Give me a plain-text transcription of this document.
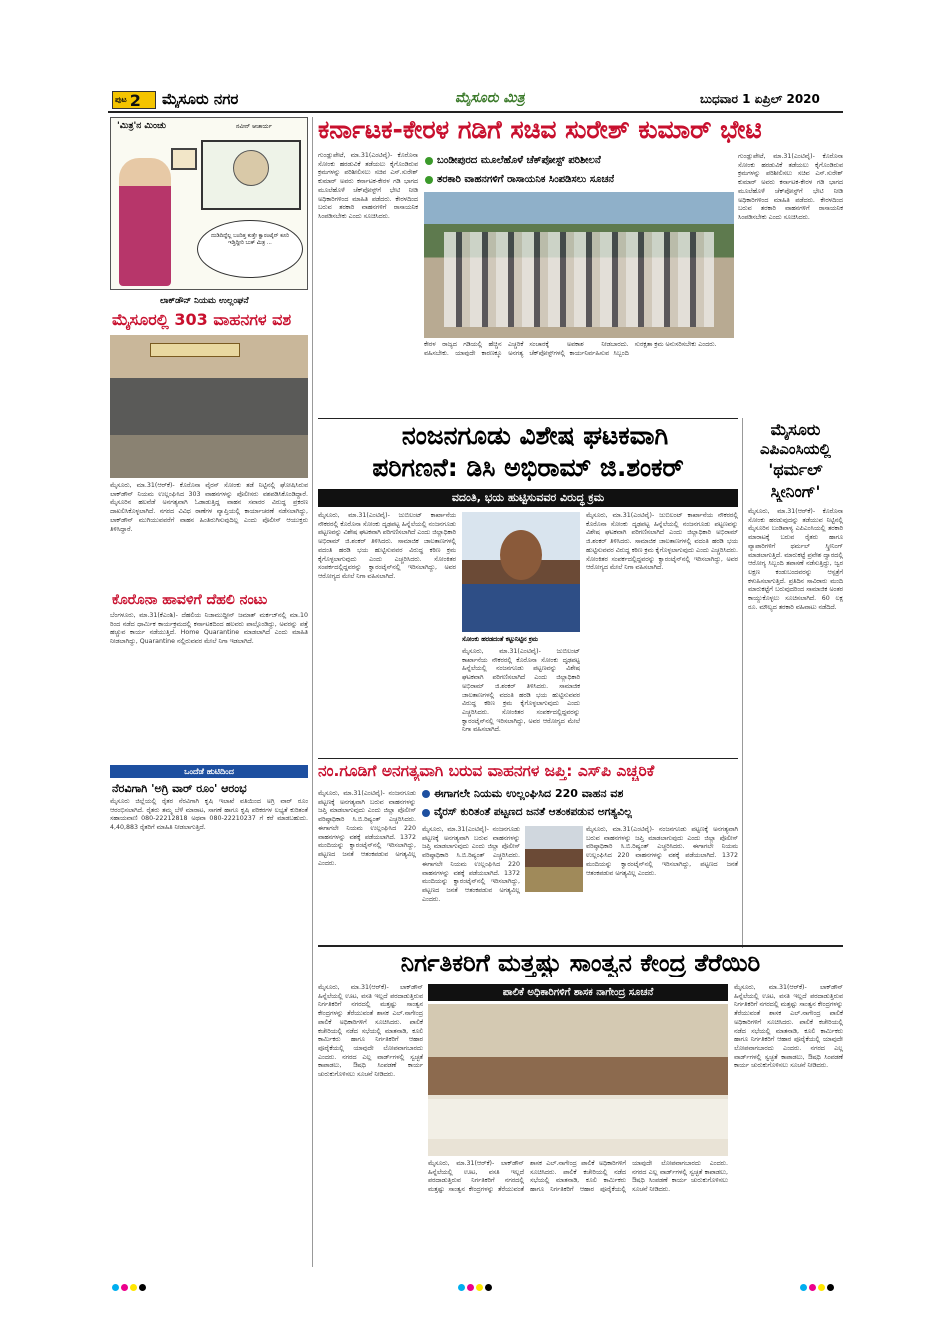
ಪುಟ 2 ಮೈಸೂರು ನಗರ	ಮೈಸೂರು ಮಿತ್ರ	ಬುಧವಾರ 1 ಏಪ್ರಿಲ್ 2020
'ಮಿತ್ರ'ನ ಮಿಂಚು	ನವೀನ್ ಆಚಾರ್ಯ
ದುಡಿದಿದ್ದೆಲ್ಲ ಬಂದಿತ್ತ ಕುತ್ತೇ ಕ್ವಾರಂಟೈನ್ ಕೂರಿ ಇಡ್ತಿದ್ದೀರಿ ಬುಕ್ ಮಿತ್ರ ...
ಲಾಕ್‌ಡೌನ್ ನಿಯಮ ಉಲ್ಲಂಘನೆ
ಮೈಸೂರಲ್ಲಿ 303 ವಾಹನಗಳ ವಶ
ಮೈಸೂರು, ಮಾ.31(ಆರ್‌ಕೆ)- ಕೊರೊನಾ ವೈರಸ್ ಸೋಂಕು ತಡೆ ನಿಟ್ಟಿನಲ್ಲಿ ಘೋಷಿಸಿರುವ ಲಾಕ್‌ಡೌನ್ ನಿಯಮ ಉಲ್ಲಂಘಿಸಿದ 303 ವಾಹನಗಳನ್ನು ಪೊಲೀಸರು ವಶಪಡಿಸಿಕೊಂಡಿದ್ದಾರೆ. ಮೈಸೂರಿನ ಹಲವೆಡೆ ಅನಗತ್ಯವಾಗಿ ಓಡಾಡುತ್ತಿದ್ದ ವಾಹನ ಸವಾರರ ವಿರುದ್ಧ ಪ್ರಕರಣ ದಾಖಲಿಸಿಕೊಳ್ಳಲಾಗಿದೆ. ನಗರದ ವಿವಿಧ ಠಾಣೆಗಳ ವ್ಯಾಪ್ತಿಯಲ್ಲಿ ಕಾರ್ಯಾಚರಣೆ ನಡೆಸಲಾಗಿದ್ದು, ಲಾಕ್‌ಡೌನ್ ಮುಗಿಯುವವರೆಗೆ ವಾಹನ ಹಿಂತಿರುಗಿಸುವುದಿಲ್ಲ ಎಂದು ಪೊಲೀಸ್ ಆಯುಕ್ತರು ತಿಳಿಸಿದ್ದಾರೆ.
ಕೊರೊನಾ ಹಾವಳಿಗೆ ದೆಹಲಿ ನಂಟು
ಬೆಂಗಳೂರು, ಮಾ.31(ಕೆಎಂಶಿ)- ದೆಹಲಿಯ ನಿಜಾಮುದ್ದೀನ್ ಜಮಾತ್ ಮರ್ಕಜ್‌ನಲ್ಲಿ ಮಾ.10 ರಿಂದ ನಡೆದ ಧಾರ್ಮಿಕ ಕಾರ್ಯಕ್ರಮದಲ್ಲಿ ಕರ್ನಾಟಕದಿಂದ ಹಲವರು ಪಾಲ್ಗೊಂಡಿದ್ದು, ಅವರನ್ನು ಪತ್ತೆ ಹಚ್ಚುವ ಕಾರ್ಯ ನಡೆಯುತ್ತಿದೆ. Home Quarantine ಮಾಡಲಾಗಿದೆ ಎಂದು ಮಾಹಿತಿ ನೀಡಲಾಗಿದ್ದು, Quarantine ನಲ್ಲಿರುವವರ ಮೇಲೆ ನಿಗಾ ಇಡಲಾಗಿದೆ.
ಒಂದೆಡೆ ಹುಟಿದಿಂದ
ನೆರವಿಗಾಗಿ 'ಅಗ್ರಿ ವಾರ್ ರೂಂ' ಆರಂಭ
ಮೈಸೂರು ಜಿಲ್ಲೆಯಲ್ಲಿ ರೈತರ ನೆರವಿಗಾಗಿ ಕೃಷಿ ಇಲಾಖೆ ವತಿಯಿಂದ ಅಗ್ರಿ ವಾರ್ ರೂಂ ಆರಂಭಿಸಲಾಗಿದೆ. ರೈತರು ತಮ್ಮ ಬೆಳೆ ಮಾರಾಟ, ಸಾಗಣೆ ಹಾಗೂ ಕೃಷಿ ಪರಿಕರಗಳ ಲಭ್ಯತೆ ಕುರಿತಂತೆ ಸಹಾಯವಾಣಿ 080-22212818 ಅಥವಾ 080-22210237 ಗೆ ಕರೆ ಮಾಡಬಹುದು. 4,40,883 ರೈತರಿಗೆ ಮಾಹಿತಿ ನೀಡಲಾಗುತ್ತಿದೆ.
ಕರ್ನಾಟಕ-ಕೇರಳ ಗಡಿಗೆ ಸಚಿವ ಸುರೇಶ್ ಕುಮಾರ್ ಭೇಟಿ
ಗುಂಡ್ಲುಪೇಟೆ, ಮಾ.31(ಎಂಟಿವೈ)- ಕೊರೊನಾ ಸೋಂಕು ಹರಡುವಿಕೆ ತಡೆಯಲು ಕೈಗೊಂಡಿರುವ ಕ್ರಮಗಳನ್ನು ಪರಿಶೀಲಿಸಲು ಸಚಿವ ಎಸ್.ಸುರೇಶ್ ಕುಮಾರ್ ಅವರು ಕರ್ನಾಟಕ-ಕೇರಳ ಗಡಿ ಭಾಗದ ಮೂಲೆಹೊಳೆ ಚೆಕ್‌ಪೋಸ್ಟ್‌ಗೆ ಭೇಟಿ ನೀಡಿ ಅಧಿಕಾರಿಗಳಿಂದ ಮಾಹಿತಿ ಪಡೆದರು. ಕೇರಳದಿಂದ ಬರುವ ತರಕಾರಿ ವಾಹನಗಳಿಗೆ ರಾಸಾಯನಿಕ ಸಿಂಪಡಿಸಬೇಕು ಎಂದು ಸೂಚಿಸಿದರು.
ಬಂಡೀಪುರದ ಮೂಲೆಹೊಳೆ ಚೆಕ್‌ಪೋಸ್ಟ್ ಪರಿಶೀಲನೆ
ತರಕಾರಿ ವಾಹನಗಳಿಗೆ ರಾಸಾಯನಿಕ ಸಿಂಪಡಿಸಲು ಸೂಚನೆ
ಕೇರಳ ರಾಜ್ಯದ ಗಡಿಯಲ್ಲಿ ಹೆಚ್ಚಿನ ಎಚ್ಚರಿಕೆ ವಹಿಸಬೇಕು. ಯಾವುದೇ ಕಾರಣಕ್ಕೂ ಅನಗತ್ಯ ಸಂಚಾರಕ್ಕೆ ಅವಕಾಶ ನೀಡಬಾರದು. ಚೆಕ್‌ಪೋಸ್ಟ್‌ಗಳಲ್ಲಿ ಕಾರ್ಯನಿರ್ವಹಿಸುವ ಸಿಬ್ಬಂದಿ ಸುರಕ್ಷತಾ ಕ್ರಮ ಅನುಸರಿಸಬೇಕು ಎಂದರು.
ಗುಂಡ್ಲುಪೇಟೆ, ಮಾ.31(ಎಂಟಿವೈ)- ಕೊರೊನಾ ಸೋಂಕು ಹರಡುವಿಕೆ ತಡೆಯಲು ಕೈಗೊಂಡಿರುವ ಕ್ರಮಗಳನ್ನು ಪರಿಶೀಲಿಸಲು ಸಚಿವ ಎಸ್.ಸುರೇಶ್ ಕುಮಾರ್ ಅವರು ಕರ್ನಾಟಕ-ಕೇರಳ ಗಡಿ ಭಾಗದ ಮೂಲೆಹೊಳೆ ಚೆಕ್‌ಪೋಸ್ಟ್‌ಗೆ ಭೇಟಿ ನೀಡಿ ಅಧಿಕಾರಿಗಳಿಂದ ಮಾಹಿತಿ ಪಡೆದರು. ಕೇರಳದಿಂದ ಬರುವ ತರಕಾರಿ ವಾಹನಗಳಿಗೆ ರಾಸಾಯನಿಕ ಸಿಂಪಡಿಸಬೇಕು ಎಂದು ಸೂಚಿಸಿದರು.
ನಂಜನಗೂಡು ವಿಶೇಷ ಘಟಕವಾಗಿ
ಪರಿಗಣನೆ: ಡಿಸಿ ಅಭಿರಾಮ್ ಜಿ.ಶಂಕರ್
ವದಂತಿ, ಭಯ ಹುಟ್ಟಿಸುವವರ ವಿರುದ್ಧ ಕ್ರಮ
ಮೈಸೂರು, ಮಾ.31(ಎಂಟಿವೈ)- ಜುಬಿಲಂಟ್ ಕಾರ್ಖಾನೆಯ ನೌಕರರಲ್ಲಿ ಕೊರೊನಾ ಸೋಂಕು ದೃಢಪಟ್ಟ ಹಿನ್ನೆಲೆಯಲ್ಲಿ ನಂಜನಗೂಡು ಪಟ್ಟಣವನ್ನು ವಿಶೇಷ ಘಟಕವಾಗಿ ಪರಿಗಣಿಸಲಾಗಿದೆ ಎಂದು ಜಿಲ್ಲಾಧಿಕಾರಿ ಅಭಿರಾಮ್ ಜಿ.ಶಂಕರ್ ತಿಳಿಸಿದರು. ಸಾಮಾಜಿಕ ಜಾಲತಾಣಗಳಲ್ಲಿ ವದಂತಿ ಹರಡಿ ಭಯ ಹುಟ್ಟಿಸುವವರ ವಿರುದ್ಧ ಕಠಿಣ ಕ್ರಮ ಕೈಗೊಳ್ಳಲಾಗುವುದು ಎಂದು ಎಚ್ಚರಿಸಿದರು. ಸೋಂಕಿತರ ಸಂಪರ್ಕದಲ್ಲಿದ್ದವರನ್ನು ಕ್ವಾರಂಟೈನ್‌ನಲ್ಲಿ ಇರಿಸಲಾಗಿದ್ದು, ಅವರ ಆರೋಗ್ಯದ ಮೇಲೆ ನಿಗಾ ವಹಿಸಲಾಗಿದೆ.
ಸೋಂಕು ಹರಡದಂತೆ ಕಟ್ಟುನಿಟ್ಟಿನ ಕ್ರಮ
ಮೈಸೂರು, ಮಾ.31(ಎಂಟಿವೈ)- ಜುಬಿಲಂಟ್ ಕಾರ್ಖಾನೆಯ ನೌಕರರಲ್ಲಿ ಕೊರೊನಾ ಸೋಂಕು ದೃಢಪಟ್ಟ ಹಿನ್ನೆಲೆಯಲ್ಲಿ ನಂಜನಗೂಡು ಪಟ್ಟಣವನ್ನು ವಿಶೇಷ ಘಟಕವಾಗಿ ಪರಿಗಣಿಸಲಾಗಿದೆ ಎಂದು ಜಿಲ್ಲಾಧಿಕಾರಿ ಅಭಿರಾಮ್ ಜಿ.ಶಂಕರ್ ತಿಳಿಸಿದರು. ಸಾಮಾಜಿಕ ಜಾಲತಾಣಗಳಲ್ಲಿ ವದಂತಿ ಹರಡಿ ಭಯ ಹುಟ್ಟಿಸುವವರ ವಿರುದ್ಧ ಕಠಿಣ ಕ್ರಮ ಕೈಗೊಳ್ಳಲಾಗುವುದು ಎಂದು ಎಚ್ಚರಿಸಿದರು. ಸೋಂಕಿತರ ಸಂಪರ್ಕದಲ್ಲಿದ್ದವರನ್ನು ಕ್ವಾರಂಟೈನ್‌ನಲ್ಲಿ ಇರಿಸಲಾಗಿದ್ದು, ಅವರ ಆರೋಗ್ಯದ ಮೇಲೆ ನಿಗಾ ವಹಿಸಲಾಗಿದೆ.
ಮೈಸೂರು, ಮಾ.31(ಎಂಟಿವೈ)- ಜುಬಿಲಂಟ್ ಕಾರ್ಖಾನೆಯ ನೌಕರರಲ್ಲಿ ಕೊರೊನಾ ಸೋಂಕು ದೃಢಪಟ್ಟ ಹಿನ್ನೆಲೆಯಲ್ಲಿ ನಂಜನಗೂಡು ಪಟ್ಟಣವನ್ನು ವಿಶೇಷ ಘಟಕವಾಗಿ ಪರಿಗಣಿಸಲಾಗಿದೆ ಎಂದು ಜಿಲ್ಲಾಧಿಕಾರಿ ಅಭಿರಾಮ್ ಜಿ.ಶಂಕರ್ ತಿಳಿಸಿದರು. ಸಾಮಾಜಿಕ ಜಾಲತಾಣಗಳಲ್ಲಿ ವದಂತಿ ಹರಡಿ ಭಯ ಹುಟ್ಟಿಸುವವರ ವಿರುದ್ಧ ಕಠಿಣ ಕ್ರಮ ಕೈಗೊಳ್ಳಲಾಗುವುದು ಎಂದು ಎಚ್ಚರಿಸಿದರು. ಸೋಂಕಿತರ ಸಂಪರ್ಕದಲ್ಲಿದ್ದವರನ್ನು ಕ್ವಾರಂಟೈನ್‌ನಲ್ಲಿ ಇರಿಸಲಾಗಿದ್ದು, ಅವರ ಆರೋಗ್ಯದ ಮೇಲೆ ನಿಗಾ ವಹಿಸಲಾಗಿದೆ.
ಮೈಸೂರು
ಎಪಿಎಂಸಿಯಲ್ಲಿ
'ಥರ್ಮಲ್
ಸ್ಕ್ರೀನಿಂಗ್'
ಮೈಸೂರು, ಮಾ.31(ಆರ್‌ಕೆ)- ಕೊರೊನಾ ಸೋಂಕು ಹರಡುವುದನ್ನು ತಡೆಯುವ ನಿಟ್ಟಿನಲ್ಲಿ ಮೈಸೂರಿನ ಬಂಡಿಪಾಳ್ಯ ಎಪಿಎಂಸಿಯಲ್ಲಿ ತರಕಾರಿ ಮಾರಾಟಕ್ಕೆ ಬರುವ ರೈತರು ಹಾಗೂ ವ್ಯಾಪಾರಿಗಳಿಗೆ ಥರ್ಮಲ್ ಸ್ಕ್ರೀನಿಂಗ್ ಮಾಡಲಾಗುತ್ತಿದೆ. ಮಾರುಕಟ್ಟೆ ಪ್ರವೇಶ ದ್ವಾರದಲ್ಲಿ ಆರೋಗ್ಯ ಸಿಬ್ಬಂದಿ ತಪಾಸಣೆ ನಡೆಸುತ್ತಿದ್ದು, ಜ್ವರ ಲಕ್ಷಣ ಕಂಡುಬಂದವರನ್ನು ಆಸ್ಪತ್ರೆಗೆ ಕಳುಹಿಸಲಾಗುತ್ತಿದೆ. ಪ್ರತಿದಿನ ಸಾವಿರಾರು ಮಂದಿ ಮಾರುಕಟ್ಟೆಗೆ ಬರುವುದರಿಂದ ಸಾಮಾಜಿಕ ಅಂತರ ಕಾಯ್ದುಕೊಳ್ಳಲು ಸೂಚಿಸಲಾಗಿದೆ. 60 ಲಕ್ಷ ರೂ. ಮೌಲ್ಯದ ತರಕಾರಿ ವಹಿವಾಟು ನಡೆದಿದೆ.
ನಂ.ಗೂಡಿಗೆ ಅನಗತ್ಯವಾಗಿ ಬರುವ ವಾಹನಗಳ ಜಪ್ತಿ: ಎಸ್‌ಪಿ ಎಚ್ಚರಿಕೆ
ಈಗಾಗಲೇ ನಿಯಮ ಉಲ್ಲಂಘಿಸಿದ 220 ವಾಹನ ವಶ
ವೈರಸ್ ಕುರಿತಂತೆ ಪಟ್ಟಣದ ಜನತೆ ಆತಂಕಪಡುವ ಅಗತ್ಯವಿಲ್ಲ
ಮೈಸೂರು, ಮಾ.31(ಎಂಟಿವೈ)- ನಂಜನಗೂಡು ಪಟ್ಟಣಕ್ಕೆ ಅನಗತ್ಯವಾಗಿ ಬರುವ ವಾಹನಗಳನ್ನು ಜಪ್ತಿ ಮಾಡಲಾಗುವುದು ಎಂದು ಜಿಲ್ಲಾ ಪೊಲೀಸ್ ವರಿಷ್ಠಾಧಿಕಾರಿ ಸಿ.ಬಿ.ರಿಷ್ಯಂತ್ ಎಚ್ಚರಿಸಿದರು. ಈಗಾಗಲೇ ನಿಯಮ ಉಲ್ಲಂಘಿಸಿದ 220 ವಾಹನಗಳನ್ನು ವಶಕ್ಕೆ ಪಡೆಯಲಾಗಿದೆ. 1372 ಮಂದಿಯನ್ನು ಕ್ವಾರಂಟೈನ್‌ನಲ್ಲಿ ಇರಿಸಲಾಗಿದ್ದು, ಪಟ್ಟಣದ ಜನತೆ ಆತಂಕಪಡುವ ಅಗತ್ಯವಿಲ್ಲ ಎಂದರು.
ಮೈಸೂರು, ಮಾ.31(ಎಂಟಿವೈ)- ನಂಜನಗೂಡು ಪಟ್ಟಣಕ್ಕೆ ಅನಗತ್ಯವಾಗಿ ಬರುವ ವಾಹನಗಳನ್ನು ಜಪ್ತಿ ಮಾಡಲಾಗುವುದು ಎಂದು ಜಿಲ್ಲಾ ಪೊಲೀಸ್ ವರಿಷ್ಠಾಧಿಕಾರಿ ಸಿ.ಬಿ.ರಿಷ್ಯಂತ್ ಎಚ್ಚರಿಸಿದರು. ಈಗಾಗಲೇ ನಿಯಮ ಉಲ್ಲಂಘಿಸಿದ 220 ವಾಹನಗಳನ್ನು ವಶಕ್ಕೆ ಪಡೆಯಲಾಗಿದೆ. 1372 ಮಂದಿಯನ್ನು ಕ್ವಾರಂಟೈನ್‌ನಲ್ಲಿ ಇರಿಸಲಾಗಿದ್ದು, ಪಟ್ಟಣದ ಜನತೆ ಆತಂಕಪಡುವ ಅಗತ್ಯವಿಲ್ಲ ಎಂದರು.
ಮೈಸೂರು, ಮಾ.31(ಎಂಟಿವೈ)- ನಂಜನಗೂಡು ಪಟ್ಟಣಕ್ಕೆ ಅನಗತ್ಯವಾಗಿ ಬರುವ ವಾಹನಗಳನ್ನು ಜಪ್ತಿ ಮಾಡಲಾಗುವುದು ಎಂದು ಜಿಲ್ಲಾ ಪೊಲೀಸ್ ವರಿಷ್ಠಾಧಿಕಾರಿ ಸಿ.ಬಿ.ರಿಷ್ಯಂತ್ ಎಚ್ಚರಿಸಿದರು. ಈಗಾಗಲೇ ನಿಯಮ ಉಲ್ಲಂಘಿಸಿದ 220 ವಾಹನಗಳನ್ನು ವಶಕ್ಕೆ ಪಡೆಯಲಾಗಿದೆ. 1372 ಮಂದಿಯನ್ನು ಕ್ವಾರಂಟೈನ್‌ನಲ್ಲಿ ಇರಿಸಲಾಗಿದ್ದು, ಪಟ್ಟಣದ ಜನತೆ ಆತಂಕಪಡುವ ಅಗತ್ಯವಿಲ್ಲ ಎಂದರು.
ನಿರ್ಗತಿಕರಿಗೆ ಮತ್ತಷ್ಟು ಸಾಂತ್ವನ ಕೇಂದ್ರ ತೆರೆಯಿರಿ
ಮೈಸೂರು, ಮಾ.31(ಆರ್‌ಕೆ)- ಲಾಕ್‌ಡೌನ್ ಹಿನ್ನೆಲೆಯಲ್ಲಿ ಊಟ, ವಸತಿ ಇಲ್ಲದೆ ಪರದಾಡುತ್ತಿರುವ ನಿರ್ಗತಿಕರಿಗೆ ನಗರದಲ್ಲಿ ಮತ್ತಷ್ಟು ಸಾಂತ್ವನ ಕೇಂದ್ರಗಳನ್ನು ತೆರೆಯುವಂತೆ ಶಾಸಕ ಎಲ್.ನಾಗೇಂದ್ರ ಪಾಲಿಕೆ ಅಧಿಕಾರಿಗಳಿಗೆ ಸೂಚಿಸಿದರು. ಪಾಲಿಕೆ ಕಚೇರಿಯಲ್ಲಿ ನಡೆದ ಸಭೆಯಲ್ಲಿ ಮಾತನಾಡಿ, ಕೂಲಿ ಕಾರ್ಮಿಕರು ಹಾಗೂ ನಿರ್ಗತಿಕರಿಗೆ ಆಹಾರ ಪೂರೈಕೆಯಲ್ಲಿ ಯಾವುದೇ ಲೋಪವಾಗಬಾರದು ಎಂದರು. ನಗರದ ಎಲ್ಲ ವಾರ್ಡ್‌ಗಳಲ್ಲಿ ಸ್ವಚ್ಛತೆ ಕಾಪಾಡಲು, ಔಷಧಿ ಸಿಂಪಡಣೆ ಕಾರ್ಯ ಚುರುಕುಗೊಳಿಸಲು ಸೂಚನೆ ನೀಡಿದರು.
ಪಾಲಿಕೆ ಅಧಿಕಾರಿಗಳಿಗೆ ಶಾಸಕ ನಾಗೇಂದ್ರ ಸೂಚನೆ
ಮೈಸೂರು, ಮಾ.31(ಆರ್‌ಕೆ)- ಲಾಕ್‌ಡೌನ್ ಹಿನ್ನೆಲೆಯಲ್ಲಿ ಊಟ, ವಸತಿ ಇಲ್ಲದೆ ಪರದಾಡುತ್ತಿರುವ ನಿರ್ಗತಿಕರಿಗೆ ನಗರದಲ್ಲಿ ಮತ್ತಷ್ಟು ಸಾಂತ್ವನ ಕೇಂದ್ರಗಳನ್ನು ತೆರೆಯುವಂತೆ ಶಾಸಕ ಎಲ್.ನಾಗೇಂದ್ರ ಪಾಲಿಕೆ ಅಧಿಕಾರಿಗಳಿಗೆ ಸೂಚಿಸಿದರು. ಪಾಲಿಕೆ ಕಚೇರಿಯಲ್ಲಿ ನಡೆದ ಸಭೆಯಲ್ಲಿ ಮಾತನಾಡಿ, ಕೂಲಿ ಕಾರ್ಮಿಕರು ಹಾಗೂ ನಿರ್ಗತಿಕರಿಗೆ ಆಹಾರ ಪೂರೈಕೆಯಲ್ಲಿ ಯಾವುದೇ ಲೋಪವಾಗಬಾರದು ಎಂದರು. ನಗರದ ಎಲ್ಲ ವಾರ್ಡ್‌ಗಳಲ್ಲಿ ಸ್ವಚ್ಛತೆ ಕಾಪಾಡಲು, ಔಷಧಿ ಸಿಂಪಡಣೆ ಕಾರ್ಯ ಚುರುಕುಗೊಳಿಸಲು ಸೂಚನೆ ನೀಡಿದರು.
ಮೈಸೂರು, ಮಾ.31(ಆರ್‌ಕೆ)- ಲಾಕ್‌ಡೌನ್ ಹಿನ್ನೆಲೆಯಲ್ಲಿ ಊಟ, ವಸತಿ ಇಲ್ಲದೆ ಪರದಾಡುತ್ತಿರುವ ನಿರ್ಗತಿಕರಿಗೆ ನಗರದಲ್ಲಿ ಮತ್ತಷ್ಟು ಸಾಂತ್ವನ ಕೇಂದ್ರಗಳನ್ನು ತೆರೆಯುವಂತೆ ಶಾಸಕ ಎಲ್.ನಾಗೇಂದ್ರ ಪಾಲಿಕೆ ಅಧಿಕಾರಿಗಳಿಗೆ ಸೂಚಿಸಿದರು. ಪಾಲಿಕೆ ಕಚೇರಿಯಲ್ಲಿ ನಡೆದ ಸಭೆಯಲ್ಲಿ ಮಾತನಾಡಿ, ಕೂಲಿ ಕಾರ್ಮಿಕರು ಹಾಗೂ ನಿರ್ಗತಿಕರಿಗೆ ಆಹಾರ ಪೂರೈಕೆಯಲ್ಲಿ ಯಾವುದೇ ಲೋಪವಾಗಬಾರದು ಎಂದರು. ನಗರದ ಎಲ್ಲ ವಾರ್ಡ್‌ಗಳಲ್ಲಿ ಸ್ವಚ್ಛತೆ ಕಾಪಾಡಲು, ಔಷಧಿ ಸಿಂಪಡಣೆ ಕಾರ್ಯ ಚುರುಕುಗೊಳಿಸಲು ಸೂಚನೆ ನೀಡಿದರು.
